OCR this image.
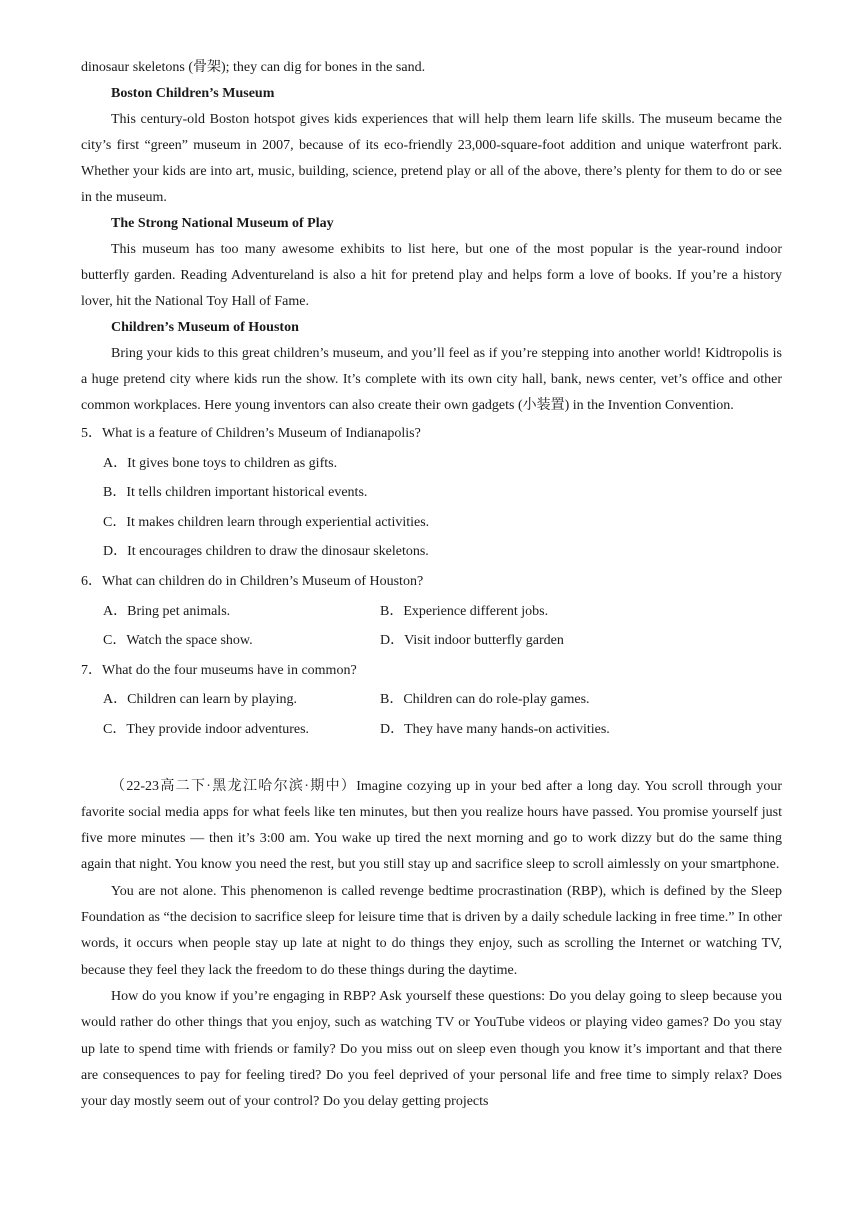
dinosaur skeletons (骨架); they can dig for bones in the sand.

Boston Children’s Museum

This century-old Boston hotspot gives kids experiences that will help them learn life skills. The museum became the city’s first “green” museum in 2007, because of its eco-friendly 23,000-square-foot addition and unique waterfront park. Whether your kids are into art, music, building, science, pretend play or all of the above, there’s plenty for them to do or see in the museum.

The Strong National Museum of Play

This museum has too many awesome exhibits to list here, but one of the most popular is the year-round indoor butterfly garden. Reading Adventureland is also a hit for pretend play and helps form a love of books. If you’re a history lover, hit the National Toy Hall of Fame.

Children’s Museum of Houston

Bring your kids to this great children’s museum, and you’ll feel as if you’re stepping into another world! Kidtropolis is a huge pretend city where kids run the show. It’s complete with its own city hall, bank, news center, vet’s office and other common workplaces. Here young inventors can also create their own gadgets (小装置) in the Invention Convention.

5．What is a feature of Children’s Museum of Indianapolis?

A．It gives bone toys to children as gifts.

B．It tells children important historical events.

C．It makes children learn through experiential activities.

D．It encourages children to draw the dinosaur skeletons.

6．What can children do in Children’s Museum of Houston?

A．Bring pet animals.	B．Experience different jobs.
C．Watch the space show.	D．Visit indoor butterfly garden

7．What do the four museums have in common?

A．Children can learn by playing.	B．Children can do role-play games.
C．They provide indoor adventures.	D．They have many hands-on activities.

（22-23高二下·黑龙江哈尔滨·期中）Imagine cozying up in your bed after a long day. You scroll through your favorite social media apps for what feels like ten minutes, but then you realize hours have passed. You promise yourself just five more minutes — then it’s 3:00 am. You wake up tired the next morning and go to work dizzy but do the same thing again that night. You know you need the rest, but you still stay up and sacrifice sleep to scroll aimlessly on your smartphone.

You are not alone. This phenomenon is called revenge bedtime procrastination (RBP), which is defined by the Sleep Foundation as “the decision to sacrifice sleep for leisure time that is driven by a daily schedule lacking in free time.” In other words, it occurs when people stay up late at night to do things they enjoy, such as scrolling the Internet or watching TV, because they feel they lack the freedom to do these things during the daytime.

How do you know if you’re engaging in RBP? Ask yourself these questions: Do you delay going to sleep because you would rather do other things that you enjoy, such as watching TV or YouTube videos or playing video games? Do you stay up late to spend time with friends or family? Do you miss out on sleep even though you know it’s important and that there are consequences to pay for feeling tired? Do you feel deprived of your personal life and free time to simply relax? Does your day mostly seem out of your control? Do you delay getting projects
